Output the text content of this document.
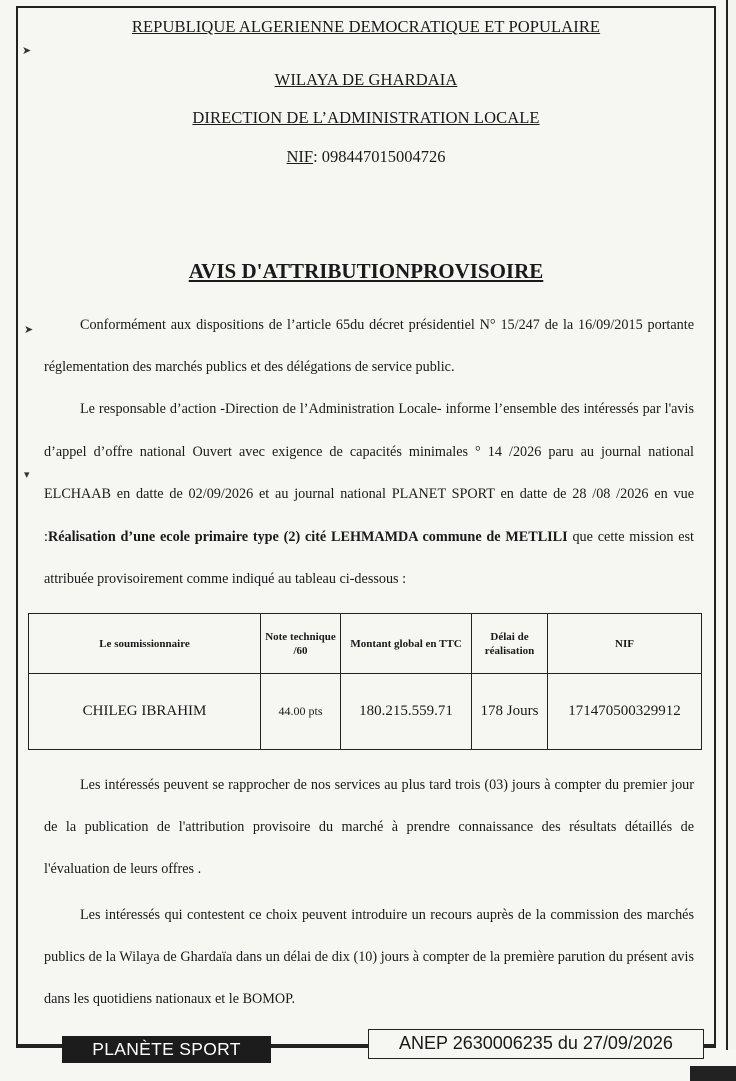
REPUBLIQUE ALGERIENNE DEMOCRATIQUE ET POPULAIRE
WILAYA DE GHARDAIA
DIRECTION DE L’ADMINISTRATION LOCALE
NIF: 098447015004726
AVIS D'ATTRIBUTIONPROVISOIRE

Conformément aux dispositions de l’article 65du décret présidentiel N° 15/247 de la 16/09/2015 portante réglementation des marchés publics et des délégations de service public.

Le responsable d’action -Direction de l’Administration Locale- informe l’ensemble des intéressés par l'avis d’appel d’offre national Ouvert avec exigence de capacités minimales ° 14 /2026 paru au journal national ELCHAAB en datte de 02/09/2026 et au journal national PLANET SPORT en datte de 28 /08 /2026 en vue :Réalisation d’une ecole primaire type (2) cité LEHMAMDA commune de METLILI que cette mission est attribuée provisoirement comme indiqué au tableau ci-dessous :

Le soumissionnaire	Note technique /60	Montant global en TTC	Délai de réalisation	NIF
CHILEG IBRAHIM	44.00 pts	180.215.559.71	178 Jours	171470500329912

Les intéressés peuvent se rapprocher de nos services au plus tard trois (03) jours à compter du premier jour de la publication de l'attribution provisoire du marché à prendre connaissance des résultats détaillés de l'évaluation de leurs offres .

Les intéressés qui contestent ce choix peuvent introduire un recours auprès de la commission des marchés publics de la Wilaya de Ghardaïa dans un délai de dix (10) jours à compter de la première parution du présent avis dans les quotidiens nationaux et le BOMOP.

PLANÈTE SPORT	ANEP 2630006235 du 27/09/2026
➤
➤
▾
